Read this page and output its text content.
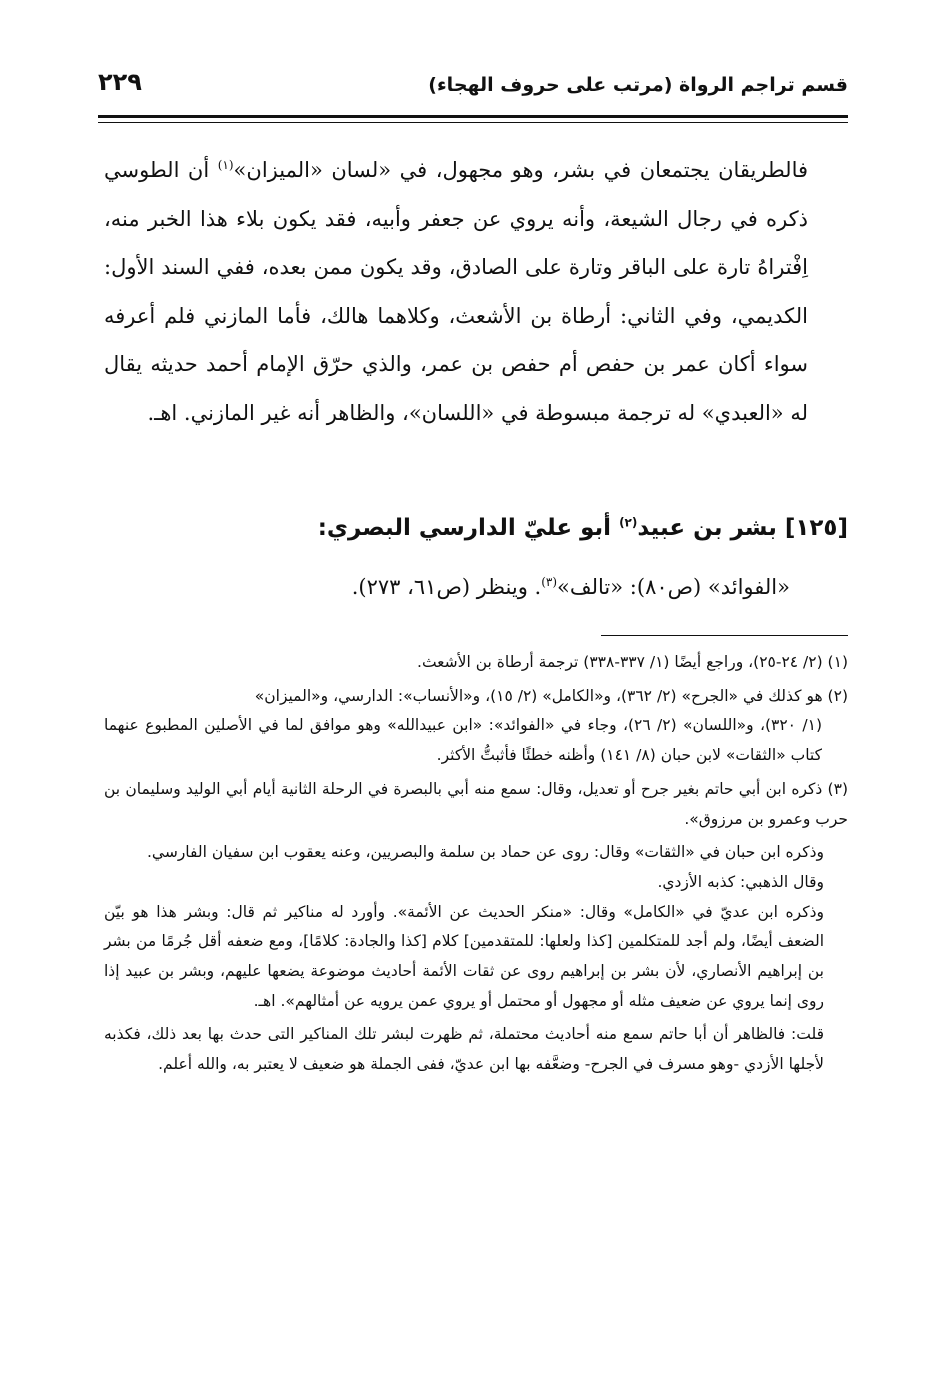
قسم تراجم الرواة (مرتب على حروف الهجاء)
٢٢٩

فالطريقان يجتمعان في بشر، وهو مجهول، في «لسان «الميزان»$^{(١)}$ أن الطوسي ذكره في رجال الشيعة، وأنه يروي عن جعفر وأبيه، فقد يكون بلاء هذا الخبر منه، اِفْتراهُ تارة على الباقر وتارة على الصادق، وقد يكون ممن بعده، ففي السند الأول: الكديمي، وفي الثاني: أرطاة بن الأشعث، وكلاهما هالك، فأما المازني فلم أعرفه سواء أكان عمر بن حفص أم حفص بن عمر، والذي حرّق الإمام أحمد حديثه يقال له «العبدي» له ترجمة مبسوطة في «اللسان»، والظاهر أنه غير المازني. اهـ.

[١٢٥] بشر بن عبيد$^{(٢)}$ أبو عليّ الدارسي البصري:
«الفوائد» (ص٨٠): «تالف»$^{(٣)}$. وينظر (ص٦١، ٢٧٣).

(١) (٢/ ٢٤-٢٥)، وراجع أيضًا (١/ ٣٣٧-٣٣٨) ترجمة أرطاة بن الأشعث.

(٢) هو كذلك في «الجرح» (٢/ ٣٦٢)، و«الكامل» (٢/ ١٥)، و«الأنساب»: الدارسي، و«الميزان»

(١/ ٣٢٠)، و«اللسان» (٢/ ٢٦)، وجاء في «الفوائد»: «ابن عبيدالله» وهو موافق لما في الأصلين المطبوع عنهما كتاب «الثقات» لابن حبان (٨/ ١٤١) وأظنه خطئًا فأثبتُّ الأكثر.

(٣) ذكره ابن أبي حاتم بغير جرح أو تعديل، وقال: سمع منه أبي بالبصرة في الرحلة الثانية أيام أبي الوليد وسليمان بن حرب وعمرو بن مرزوق».

وذكره ابن حبان في «الثقات» وقال: روى عن حماد بن سلمة والبصريين، وعنه يعقوب ابن سفيان الفارسي.

وقال الذهبي: كذبه الأزدي.

وذكره ابن عديّ في «الكامل» وقال: «منكر الحديث عن الأئمة». وأورد له مناكير ثم قال: وبشر هذا هو بيّن الضعف أيضًا، ولم أجد للمتكلمين [كذا ولعلها: للمتقدمين] كلام [كذا والجادة: كلامًا]، ومع ضعفه أقل جُرمًا من بشر بن إبراهيم الأنصاري، لأن بشر بن إبراهيم روى عن ثقات الأئمة أحاديث موضوعة يضعها عليهم، وبشر بن عبيد إذا روى إنما يروي عن ضعيف مثله أو مجهول أو محتمل أو يروي عمن يرويه عن أمثالهم». اهـ.

قلت: فالظاهر أن أبا حاتم سمع منه أحاديث محتملة، ثم ظهرت لبشر تلك المناكير التى حدث بها بعد ذلك، فكذبه لأجلها الأزدي -وهو مسرف في الجرح- وضعَّفه بها ابن عديّ، ففى الجملة هو ضعيف لا يعتبر به، والله أعلم.
